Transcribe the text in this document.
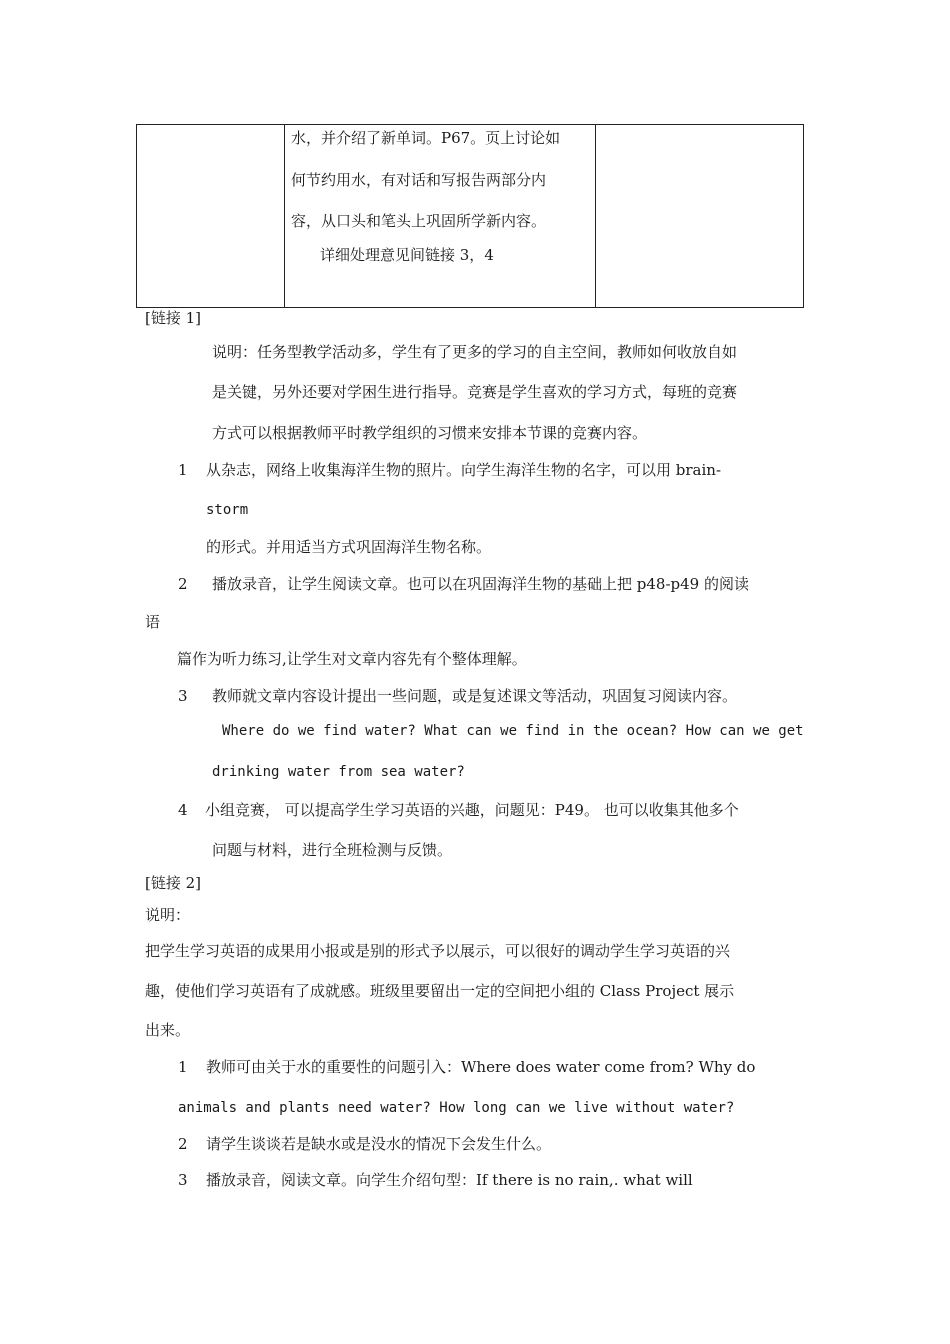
水，并介绍了新单词。P67。页上讨论如
何节约用水，有对话和写报告两部分内
容，从口头和笔头上巩固所学新内容。
详细处理意见间链接 3，4
[链接 1]
说明：任务型教学活动多，学生有了更多的学习的自主空间，教师如何收放自如
是关键，另外还要对学困生进行指导。竞赛是学生喜欢的学习方式，每班的竞赛
方式可以根据教师平时教学组织的习惯来安排本节课的竞赛内容。
1 从杂志，网络上收集海洋生物的照片。向学生海洋生物的名字，可以用 brain-
storm
的形式。并用适当方式巩固海洋生物名称。
2 播放录音，让学生阅读文章。也可以在巩固海洋生物的基础上把 p48-p49 的阅读
语
篇作为听力练习,让学生对文章内容先有个整体理解。
3 教师就文章内容设计提出一些问题，或是复述课文等活动，巩固复习阅读内容。
Where do we find water? What can we find in the ocean? How can we get
drinking water from sea water?
4 小组竞赛， 可以提高学生学习英语的兴趣，问题见：P49。 也可以收集其他多个
问题与材料，进行全班检测与反馈。
[链接 2]
说明：
把学生学习英语的成果用小报或是别的形式予以展示，可以很好的调动学生学习英语的兴
趣，使他们学习英语有了成就感。班级里要留出一定的空间把小组的 Class Project 展示
出来。
1 教师可由关于水的重要性的问题引入：Where does water come from? Why do
animals and plants need water? How long can we live without water?
2 请学生谈谈若是缺水或是没水的情况下会发生什么。
3 播放录音，阅读文章。向学生介绍句型：If there is no rain,. what will
